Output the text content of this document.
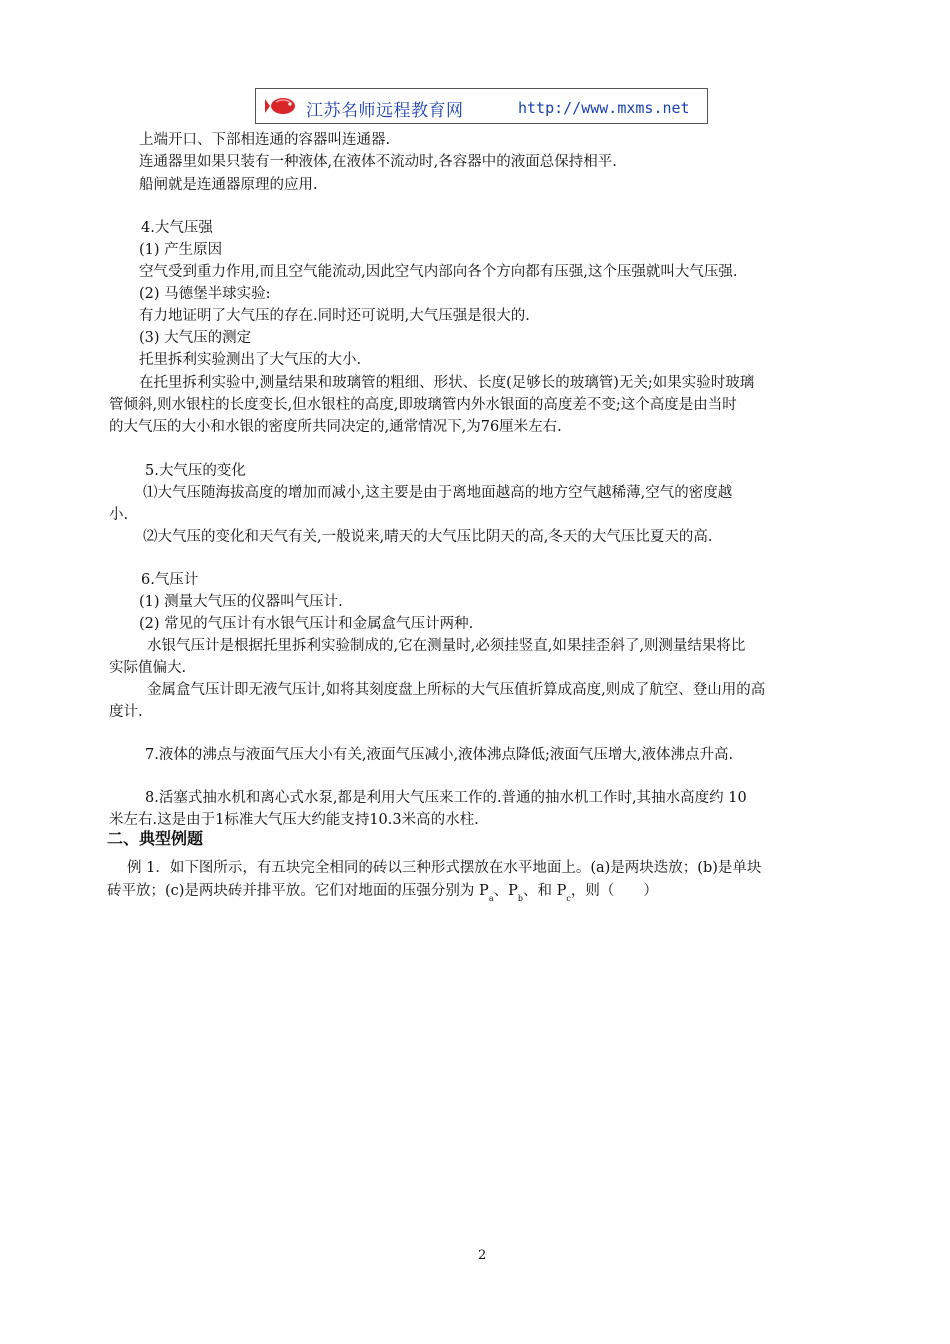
江苏名师远程教育网	http://www.mxms.net
上端开口、下部相连通的容器叫连通器.
连通器里如果只装有一种液体,在液体不流动时,各容器中的液面总保持相平.
船闸就是连通器原理的应用.
4.大气压强
(1) 产生原因
空气受到重力作用,而且空气能流动,因此空气内部向各个方向都有压强,这个压强就叫大气压强.
(2) 马德堡半球实验:
有力地证明了大气压的存在.同时还可说明,大气压强是很大的.
(3) 大气压的测定
托里拆利实验测出了大气压的大小.
在托里拆利实验中,测量结果和玻璃管的粗细、形状、长度(足够长的玻璃管)无关;如果实验时玻璃
管倾斜,则水银柱的长度变长,但水银柱的高度,即玻璃管内外水银面的高度差不变;这个高度是由当时
的大气压的大小和水银的密度所共同决定的,通常情况下,为76厘米左右.
5.大气压的变化
⑴大气压随海拔高度的增加而减小,这主要是由于离地面越高的地方空气越稀薄,空气的密度越
小.
⑵大气压的变化和天气有关,一般说来,晴天的大气压比阴天的高,冬天的大气压比夏天的高.
6.气压计
(1) 测量大气压的仪器叫气压计.
(2) 常见的气压计有水银气压计和金属盒气压计两种.
水银气压计是根据托里拆利实验制成的,它在测量时,必须挂竖直,如果挂歪斜了,则测量结果将比
实际值偏大.
金属盒气压计即无液气压计,如将其刻度盘上所标的大气压值折算成高度,则成了航空、登山用的高
度计.
7.液体的沸点与液面气压大小有关,液面气压减小,液体沸点降低;液面气压增大,液体沸点升高.
8.活塞式抽水机和离心式水泵,都是利用大气压来工作的.普通的抽水机工作时,其抽水高度约 10
米左右.这是由于1标准大气压大约能支持10.3米高的水柱.
二、典型例题
例 1．如下图所示，有五块完全相同的砖以三种形式摆放在水平地面上。(a)是两块迭放；(b)是单块
砖平放；(c)是两块砖并排平放。它们对地面的压强分别为 $P_a$、$P_b$、和 $P_c$，则（　　）
2
